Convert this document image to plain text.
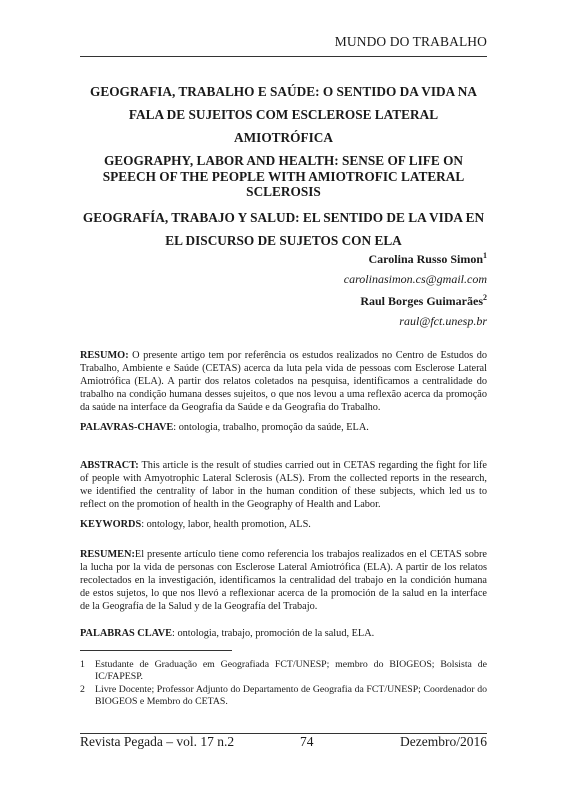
MUNDO DO TRABALHO
GEOGRAFIA, TRABALHO E SAÚDE: O SENTIDO DA VIDA NA FALA DE SUJEITOS COM ESCLEROSE LATERAL AMIOTRÓFICA
GEOGRAPHY, LABOR AND HEALTH: SENSE OF LIFE ON SPEECH OF THE PEOPLE WITH AMIOTROFIC LATERAL SCLEROSIS
GEOGRAFÍA, TRABAJO Y SALUD: EL SENTIDO DE LA VIDA EN EL DISCURSO DE SUJETOS CON ELA
Carolina Russo Simon$^1$
carolinasimon.cs@gmail.com
Raul Borges Guimarães$^2$
raul@fct.unesp.br
RESUMO: O presente artigo tem por referência os estudos realizados no Centro de Estudos do Trabalho, Ambiente e Saúde (CETAS) acerca da luta pela vida de pessoas com Esclerose Lateral Amiotrófica (ELA). A partir dos relatos coletados na pesquisa, identificamos a centralidade do trabalho na condição humana desses sujeitos, o que nos levou a uma reflexão acerca da promoção da saúde na interface da Geografia da Saúde e da Geografia do Trabalho.
PALAVRAS-CHAVE: ontologia, trabalho, promoção da saúde, ELA.
ABSTRACT: This article is the result of studies carried out in CETAS regarding the fight for life of people with Amyotrophic Lateral Sclerosis (ALS). From the collected reports in the research, we identified the centrality of labor in the human condition of these subjects, which led us to reflect on the promotion of health in the Geography of Health and Labor.
KEYWORDS: ontology, labor, health promotion, ALS.
RESUMEN:El presente artículo tiene como referencia los trabajos realizados en el CETAS sobre la lucha por la vida de personas con Esclerose Lateral Amiotrófica (ELA). A partir de los relatos recolectados en la investigación, identificamos la centralidad del trabajo en la condición humana de estos sujetos, lo que nos llevó a reflexionar acerca de la promoción de la salud en la interface de la Geografía de la Salud y de la Geografía del Trabajo.
PALABRAS CLAVE: ontologia, trabajo, promoción de la salud, ELA.
1 Estudante de Graduação em Geografiada FCT/UNESP; membro do BIOGEOS; Bolsista de IC/FAPESP.
2 Livre Docente; Professor Adjunto do Departamento de Geografia da FCT/UNESP; Coordenador do BIOGEOS e Membro do CETAS.
Revista Pegada – vol. 17 n.2	74	Dezembro/2016
